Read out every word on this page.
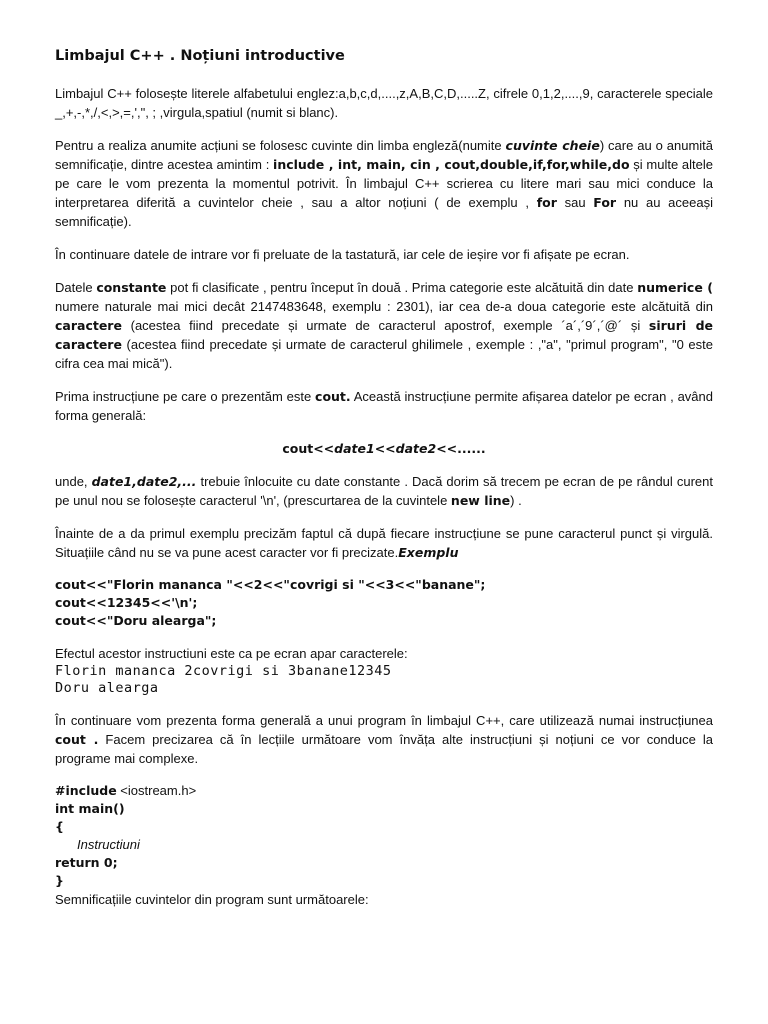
Limbajul C++ . Noțiuni introductive

Limbajul C++ folosește literele alfabetului englez:a,b,c,d,....,z,A,B,C,D,.....Z, cifrele 0,1,2,....,9, caracterele speciale _,+,-,*,/,<,>,=,',", ; ,virgula,spatiul (numit si blanc).

Pentru a realiza anumite acțiuni se folosesc cuvinte din limba engleză(numite cuvinte cheie) care au o anumită semnificație, dintre acestea amintim : include , int, main, cin , cout,double,if,for,while,do și multe altele pe care le vom prezenta la momentul potrivit. În limbajul C++ scrierea cu litere mari sau mici conduce la interpretarea diferită a cuvintelor cheie , sau a altor noțiuni ( de exemplu , for sau For nu au aceeași semnificație).

În continuare datele de intrare vor fi preluate de la tastatură, iar cele de ieșire vor fi afișate pe ecran.

Datele constante pot fi clasificate , pentru început în două . Prima categorie este alcătuită din date numerice ( numere naturale mai mici decât 2147483648, exemplu : 2301), iar cea de-a doua categorie este alcătuită din caractere (acestea fiind precedate și urmate de caracterul apostrof, exemple ´a´,´9´,´@´ și siruri de caractere (acestea fiind precedate și urmate de caracterul ghilimele , exemple : ,"a", "primul program", "0 este cifra cea mai mică").

Prima instrucțiune pe care o prezentăm este cout. Această instrucțiune permite afișarea datelor pe ecran , având forma generală:

cout<<date1<<date2<<......

unde, date1,date2,... trebuie înlocuite cu date constante . Dacă dorim să trecem pe ecran de pe rândul curent pe unul nou se folosește caracterul '\n', (prescurtarea de la cuvintele new line) .

Înainte de a da primul exemplu precizăm faptul că după fiecare instrucțiune se pune caracterul punct și virgulă. Situațiile când nu se va pune acest caracter vor fi precizate.Exemplu

cout<<"Florin mananca "<<2<<"covrigi si "<<3<<"banane";

cout<<12345<<'\n';

cout<<"Doru alearga";

Efectul acestor instructiuni este ca pe ecran apar caracterele:

Florin mananca 2covrigi si 3banane12345

Doru alearga

În continuare vom prezenta forma generală a unui program în limbajul C++, care utilizează numai instrucțiunea cout . Facem precizarea că în lecțiile următoare vom învăța alte instrucțiuni și noțiuni ce vor conduce la programe mai complexe.

#include <iostream.h>

int main()

{

Instructiuni

return 0;

}

Semnificațiile cuvintelor din program sunt următoarele:
